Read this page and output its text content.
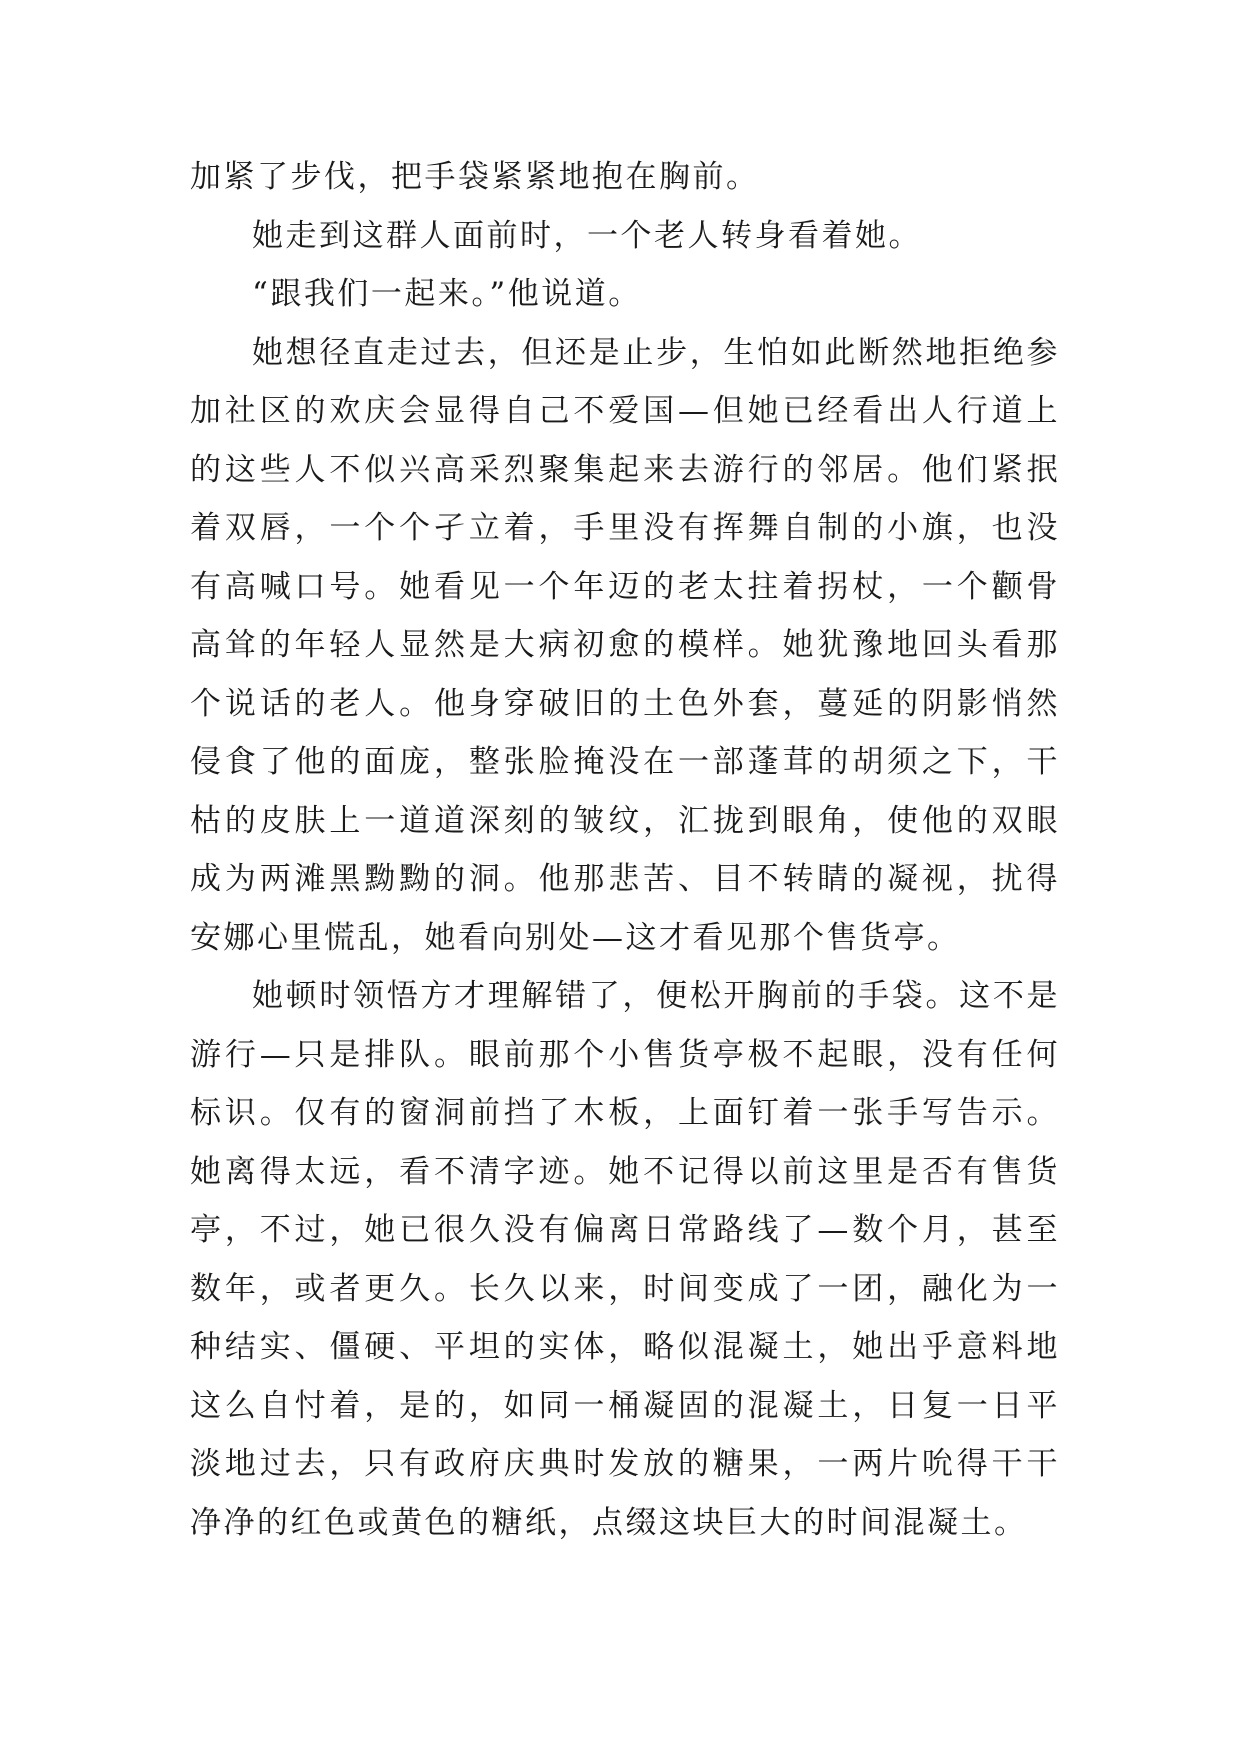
加紧了步伐，把手袋紧紧地抱在胸前。

她走到这群人面前时，一个老人转身看着她。

“跟我们一起来。”他说道。

她想径直走过去，但还是止步，生怕如此断然地拒绝参加社区的欢庆会显得自己不爱国—但她已经看出人行道上的这些人不似兴高采烈聚集起来去游行的邻居。他们紧抿着双唇，一个个孑立着，手里没有挥舞自制的小旗，也没有高喊口号。她看见一个年迈的老太拄着拐杖，一个颧骨高耸的年轻人显然是大病初愈的模样。她犹豫地回头看那个说话的老人。他身穿破旧的土色外套，蔓延的阴影悄然侵食了他的面庞，整张脸掩没在一部蓬茸的胡须之下，干枯的皮肤上一道道深刻的皱纹，汇拢到眼角，使他的双眼成为两滩黑黝黝的洞。他那悲苦、目不转睛的凝视，扰得安娜心里慌乱，她看向别处—这才看见那个售货亭。

她顿时领悟方才理解错了，便松开胸前的手袋。这不是游行—只是排队。眼前那个小售货亭极不起眼，没有任何标识。仅有的窗洞前挡了木板，上面钉着一张手写告示。她离得太远，看不清字迹。她不记得以前这里是否有售货亭，不过，她已很久没有偏离日常路线了—数个月，甚至数年，或者更久。长久以来，时间变成了一团，融化为一种结实、僵硬、平坦的实体，略似混凝土，她出乎意料地这么自忖着，是的，如同一桶凝固的混凝土，日复一日平淡地过去，只有政府庆典时发放的糖果，一两片吮得干干净净的红色或黄色的糖纸，点缀这块巨大的时间混凝土。
